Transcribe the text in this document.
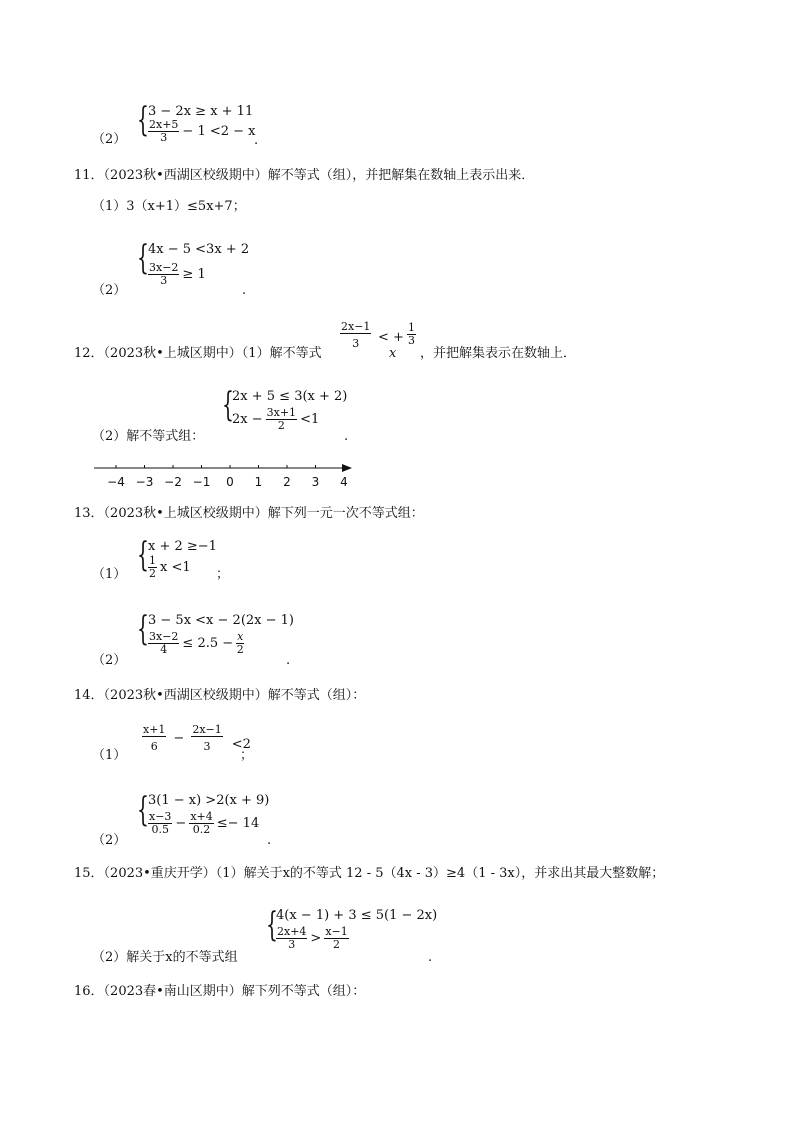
（2） { 3 − 2x ≥ x + 11
$\frac{2x+5}{3} - 1 <2 - x$
.
11．（2023秋•西湖区校级期中）解不等式（组），并把解集在数轴上表示出来．
（1）3（x+1）≤5x+7；
{ 4x − 5 <3x + 2
$\frac{3x-2}{3} \ge 1$
（2）	.
12．（2023秋•上城区期中）（1）解不等式
$\frac{2x-1}{3}$ < +
x
$\frac{1}{3}$
，并把解集表示在数轴上．
{
2x + 5 ≤ 3(x + 2)
$2x - \frac{3x+1}{2} <1$
（2）解不等式组：	.
−4 −3 −2 −1 0 1 2 3 4
13．（2023秋•上城区校级期中）解下列一元一次不等式组：
{ x + 2 ≥−1
$\frac{1}{2}$ x <1
（1）	；
{ 3 − 5x <x − 2(2x − 1)
$\frac{3x-2}{4} \le 2.5 - \frac{x}{2}$
（2）	.
14．（2023秋•西湖区校级期中）解不等式（组）：
（1）
$\frac{x+1}{6} - \frac{2x-1}{3} <2$
；
{ 3(1 − x) >2(x + 9)
$\frac{x-3}{0.5} - \frac{x+4}{0.2} \le- 14$
（2）	.
15．（2023•重庆开学）（1）解关于x的不等式 12 - 5（4x - 3）≥4（1 - 3x），并求出其最大整数解；
{
4(x − 1) + 3 ≤ 5(1 − 2x)
$\frac{2x+4}{3} > \frac{x-1}{2}$
（2）解关于x的不等式组	.
16．（2023春•南山区期中）解下列不等式（组）：
